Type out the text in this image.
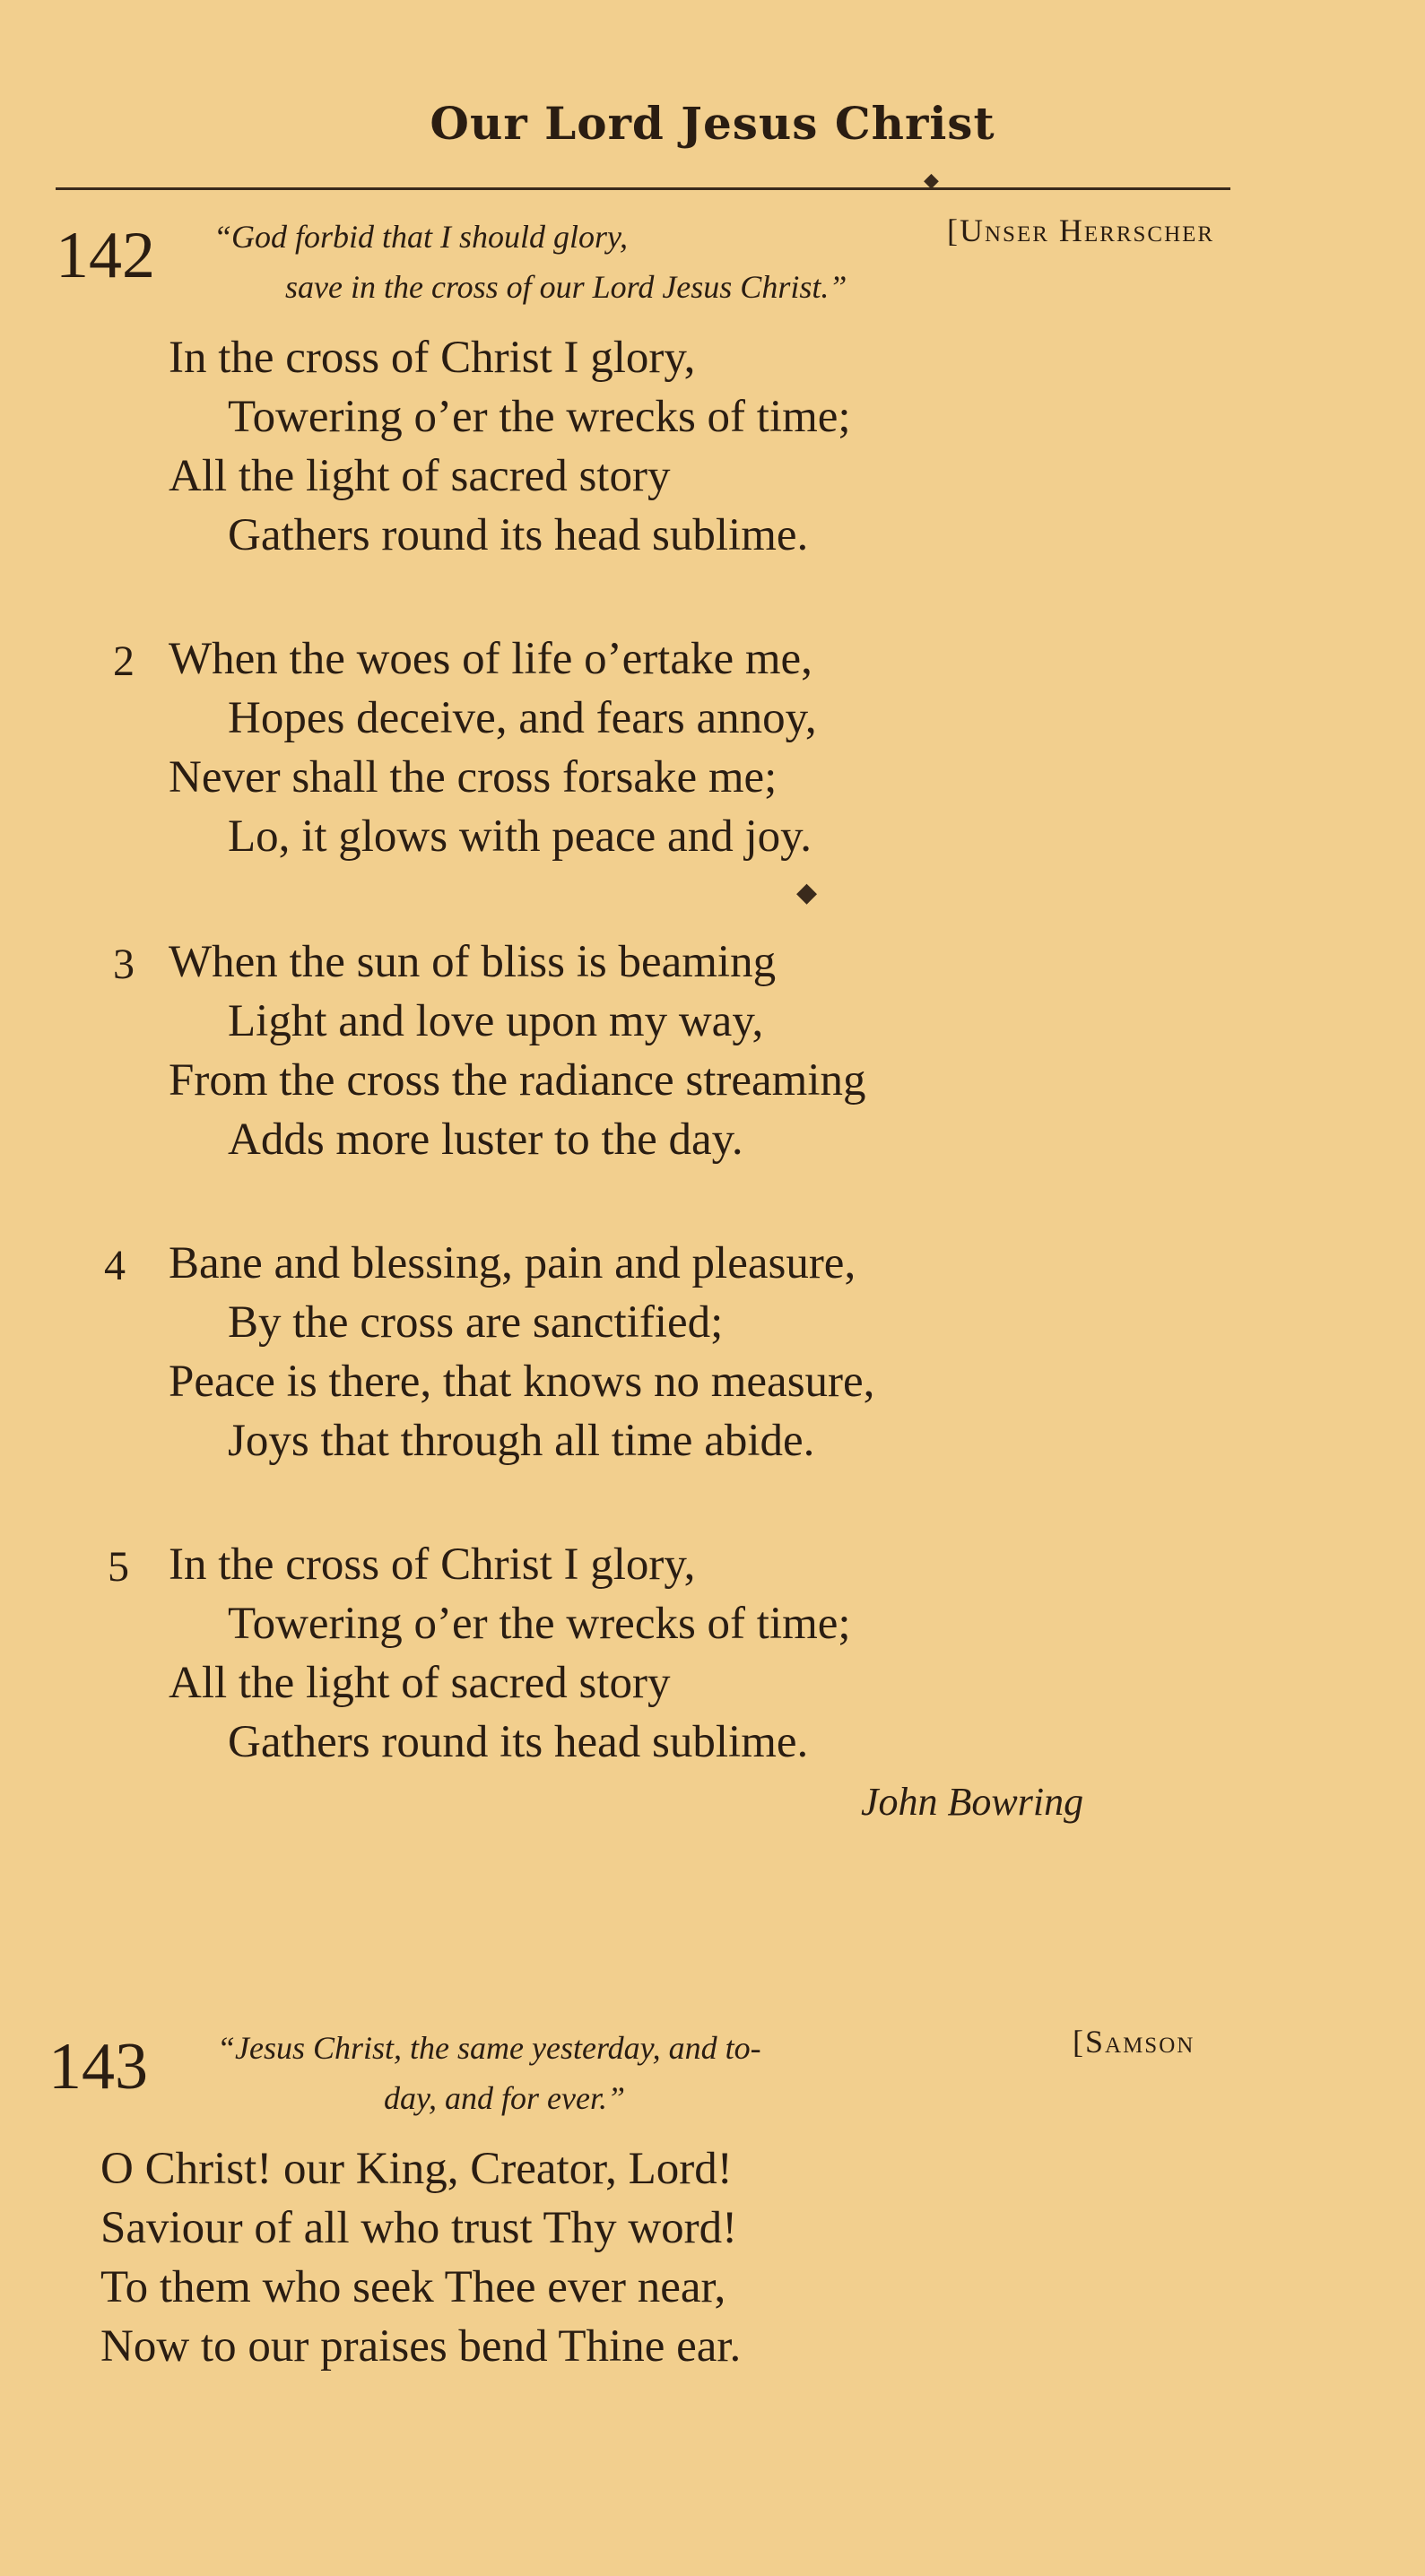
Our Lord Jesus Christ
◆
142 “God forbid that I should glory,
save in the cross of our Lord Jesus Christ.”
[Unser Herrscher
In the cross of Christ I glory,
Towering o’er the wrecks of time;
All the light of sacred story
Gathers round its head sublime.
2 When the woes of life o’ertake me,
Hopes deceive, and fears annoy,
Never shall the cross forsake me;
Lo, it glows with peace and joy.
◆
3 When the sun of bliss is beaming
Light and love upon my way,
From the cross the radiance streaming
Adds more luster to the day.
4 Bane and blessing, pain and pleasure,
By the cross are sanctified;
Peace is there, that knows no measure,
Joys that through all time abide.
5 In the cross of Christ I glory,
Towering o’er the wrecks of time;
All the light of sacred story
Gathers round its head sublime.
John Bowring
143 “Jesus Christ, the same yesterday, and to-
day, and for ever.”
[Samson
O Christ! our King, Creator, Lord!
Saviour of all who trust Thy word!
To them who seek Thee ever near,
Now to our praises bend Thine ear.
